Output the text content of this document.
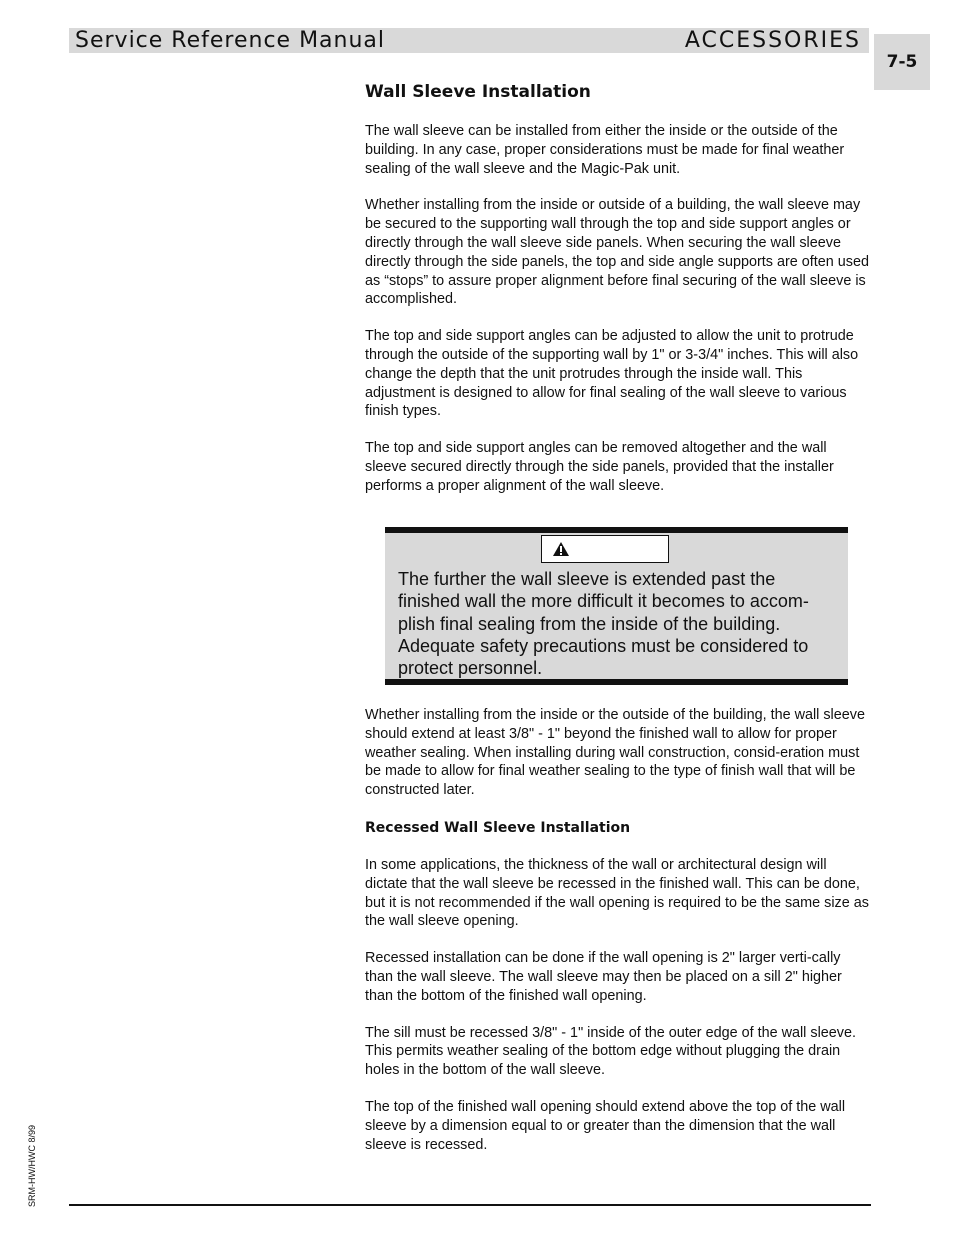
Service Reference Manual	ACCESSORIES
7-5
Wall Sleeve Installation

The wall sleeve can be installed from either the inside or the outside of the building. In any case, proper considerations must be made for final weather sealing of the wall sleeve and the Magic-Pak unit.

Whether installing from the inside or outside of a building, the wall sleeve may be secured to the supporting wall through the top and side support angles or directly through the wall sleeve side panels. When securing the wall sleeve directly through the side panels, the top and side angle supports are often used as “stops” to assure proper alignment before final securing of the wall sleeve is accomplished.

The top and side support angles can be adjusted to allow the unit to protrude through the outside of the supporting wall by 1" or 3-3/4" inches. This will also change the depth that the unit protrudes through the inside wall. This adjustment is designed to allow for final sealing of the wall sleeve to various finish types.

The top and side support angles can be removed altogether and the wall sleeve secured directly through the side panels, provided that the installer performs a proper alignment of the wall sleeve.

The further the wall sleeve is extended past the finished wall the more difficult it becomes to accom-plish final sealing from the inside of the building. Adequate safety precautions must be considered to protect personnel.

Whether installing from the inside or the outside of the building, the wall sleeve should extend at least 3/8" - 1" beyond the finished wall to allow for proper weather sealing. When installing during wall construction, consid-eration must be made to allow for final weather sealing to the type of finish wall that will be constructed later.

Recessed Wall Sleeve Installation

In some applications, the thickness of the wall or architectural design will dictate that the wall sleeve be recessed in the finished wall. This can be done, but it is not recommended if the wall opening is required to be the same size as the wall sleeve opening.

Recessed installation can be done if the wall opening is 2" larger verti-cally than the wall sleeve. The wall sleeve may then be placed on a sill 2" higher than the bottom of the finished wall opening.

The sill must be recessed 3/8" - 1" inside of the outer edge of the wall sleeve. This permits weather sealing of the bottom edge without plugging the drain holes in the bottom of the wall sleeve.

The top of the finished wall opening should extend above the top of the wall sleeve by a dimension equal to or greater than the dimension that the wall sleeve is recessed.

SRM-HW/HWC 8/99
